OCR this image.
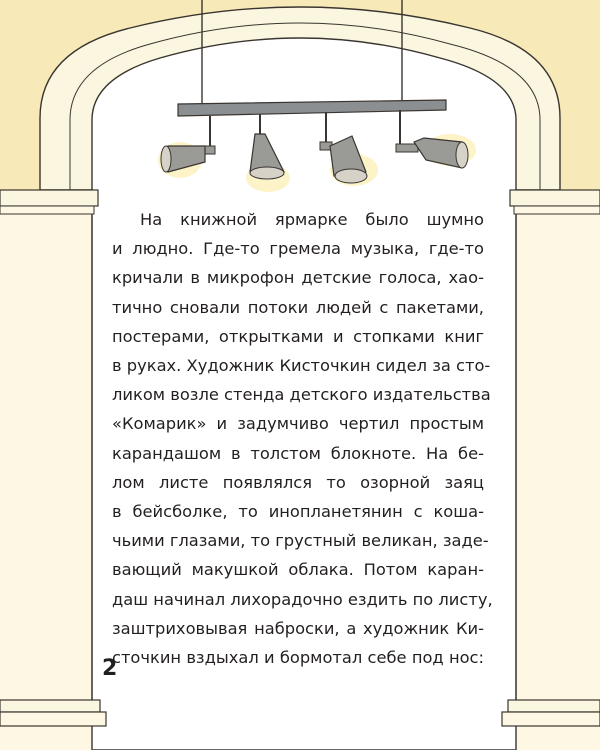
На книжной ярмарке было шумно
и людно. Где-то гремела музыка, где-то
кричали в микрофон детские голоса, хао-
тично сновали потоки людей с пакетами,
постерами, открытками и стопками книг
в руках. Художник Кисточкин сидел за сто-
ликом возле стенда детского издательства
«Комарик» и задумчиво чертил простым
карандашом в толстом блокноте. На бе-
лом листе появлялся то озорной заяц
в бейсболке, то инопланетянин с коша-
чьими глазами, то грустный великан, заде-
вающий макушкой облака. Потом каран-
даш начинал лихорадочно ездить по листу,
заштриховывая наброски, а художник Ки-
сточкин вздыхал и бормотал себе под нос:
2
